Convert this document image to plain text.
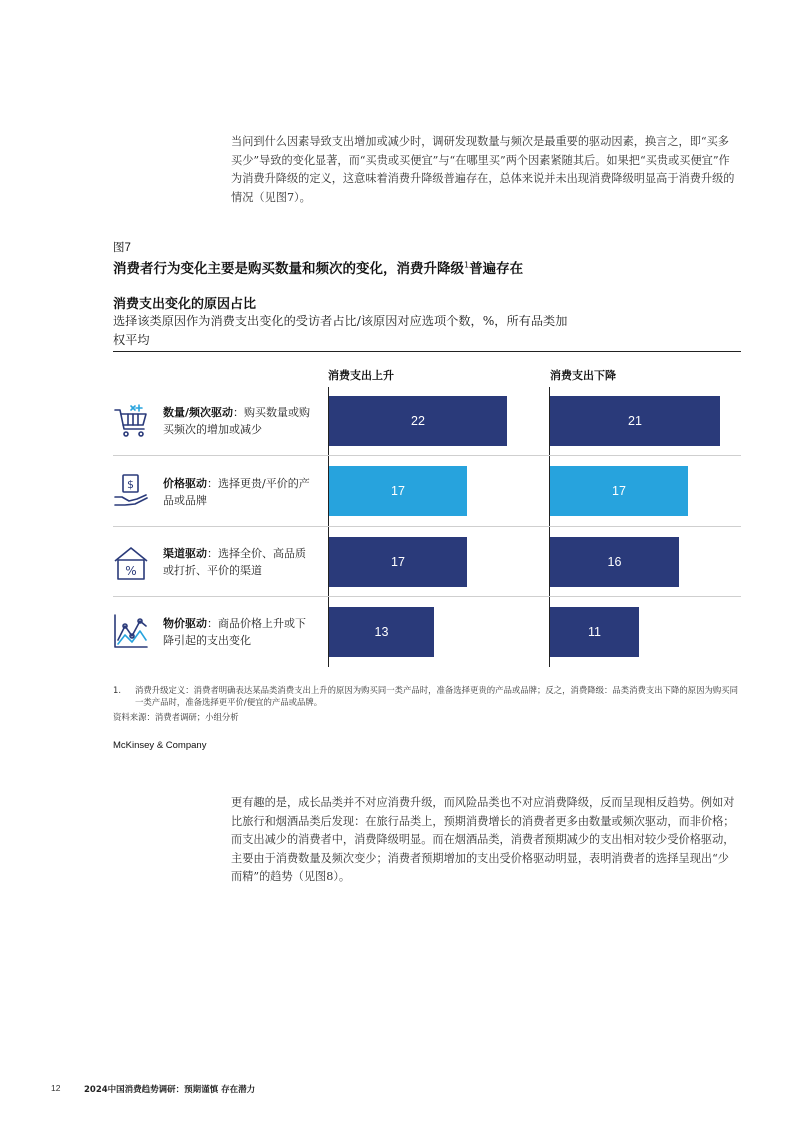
当问到什么因素导致支出增加或减少时，调研发现数量与频次是最重要的驱动因素，换言之，即“买多买少”导致的变化显著，而“买贵或买便宜”与“在哪里买”两个因素紧随其后。如果把“买贵或买便宜”作为消费升降级的定义，这意味着消费升降级普遍存在，总体来说并未出现消费降级明显高于消费升级的情况（见图7）。
图7
消费者行为变化主要是购买数量和频次的变化，消费升降级$^1$普遍存在
消费支出变化的原因占比
选择该类原因作为消费支出变化的受访者占比/该原因对应选项个数，%，所有品类加权平均
消费支出上升	消费支出下降
$
%
数量/频次驱动：购买数量或购买频次的增加或减少
价格驱动：选择更贵/平价的产品或品牌
渠道驱动：选择全价、高品质或打折、平价的渠道
物价驱动：商品价格上升或下降引起的支出变化
22
17
17
13
21
17
16
11
1. 消费升级定义：消费者明确表达某品类消费支出上升的原因为购买同一类产品时，准备选择更贵的产品或品牌；反之，消费降级：品类消费支出下降的原因为购买同一类产品时，准备选择更平价/便宜的产品或品牌。
资料来源：消费者调研；小组分析
McKinsey & Company
更有趣的是，成长品类并不对应消费升级，而风险品类也不对应消费降级，反而呈现相反趋势。例如对比旅行和烟酒品类后发现：在旅行品类上，预期消费增长的消费者更多由数量或频次驱动，而非价格；而支出减少的消费者中，消费降级明显。而在烟酒品类，消费者预期减少的支出相对较少受价格驱动，主要由于消费数量及频次变少；消费者预期增加的支出受价格驱动明显，表明消费者的选择呈现出“少而精”的趋势（见图8）。
12	2024中国消费趋势调研：预期谨慎 存在潜力
